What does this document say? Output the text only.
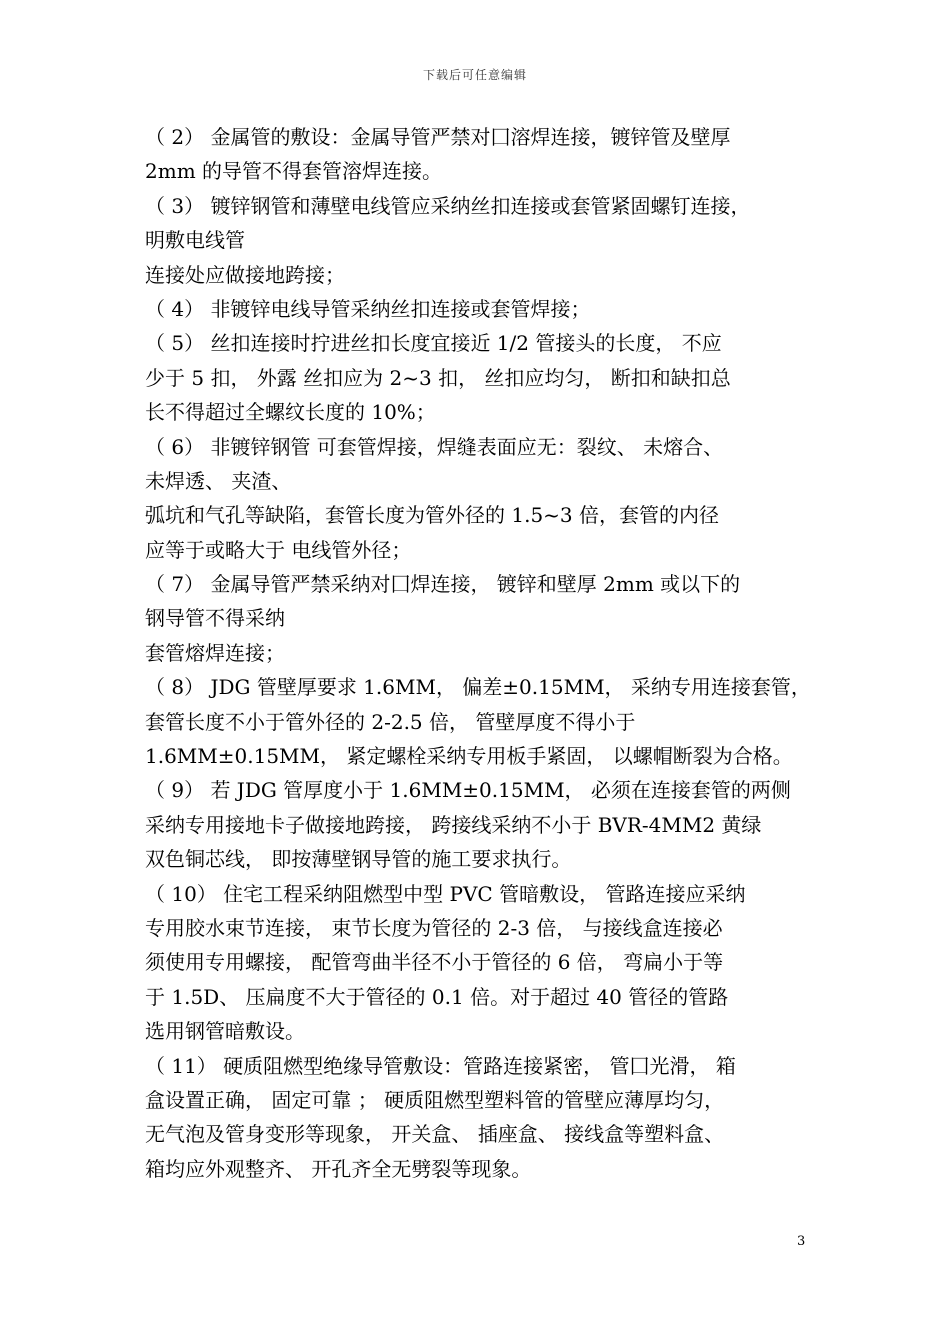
下载后可任意编辑
（ 2） 金属管的敷设：金属导管严禁对囗溶焊连接，镀锌管及壁厚
2mm 的导管不得套管溶焊连接。
（ 3） 镀锌钢管和薄壁电线管应采纳丝扣连接或套管紧固螺钉连接，
明敷电线管
连接处应做接地跨接；
（ 4） 非镀锌电线导管采纳丝扣连接或套管焊接；
（ 5） 丝扣连接时拧进丝扣长度宜接近 1/2 管接头的长度， 不应
少于 5 扣， 外露 丝扣应为 2~3 扣， 丝扣应均匀， 断扣和缺扣总
长不得超过全螺纹长度的 10%；
（ 6） 非镀锌钢管 可套管焊接，焊缝表面应无：裂纹、 未熔合、
未焊透、 夹渣、
弧坑和气孔等缺陷，套管长度为管外径的 1.5~3 倍，套管的内径
应等于或略大于 电线管外径；
（ 7） 金属导管严禁采纳对囗焊连接， 镀锌和壁厚 2mm 或以下的
钢导管不得采纳
套管熔焊连接；
（ 8） JDG 管壁厚要求 1.6MM， 偏差±0.15MM， 采纳专用连接套管，
套管长度不小于管外径的 2-2.5 倍， 管壁厚度不得小于
1.6MM±0.15MM， 紧定螺栓采纳专用板手紧固， 以螺帽断裂为合格。
（ 9） 若 JDG 管厚度小于 1.6MM±0.15MM， 必须在连接套管的两侧
采纳专用接地卡子做接地跨接， 跨接线采纳不小于 BVR-4MM2 黄绿
双色铜芯线， 即按薄壁钢导管的施工要求执行。
（ 10） 住宅工程采纳阻燃型中型 PVC 管暗敷设， 管路连接应采纳
专用胶水束节连接， 束节长度为管径的 2-3 倍， 与接线盒连接必
须使用专用螺接， 配管弯曲半径不小于管径的 6 倍， 弯扁小于等
于 1.5D、 压扁度不大于管径的 0.1 倍。对于超过 40 管径的管路
选用钢管暗敷设。
（ 11） 硬质阻燃型绝缘导管敷设：管路连接紧密， 管囗光滑， 箱
盒设置正确， 固定可靠 ； 硬质阻燃型塑料管的管壁应薄厚均匀，
无气泡及管身变形等现象， 开关盒、 插座盒、 接线盒等塑料盒、
箱均应外观整齐、 开孔齐全无劈裂等现象。
3
